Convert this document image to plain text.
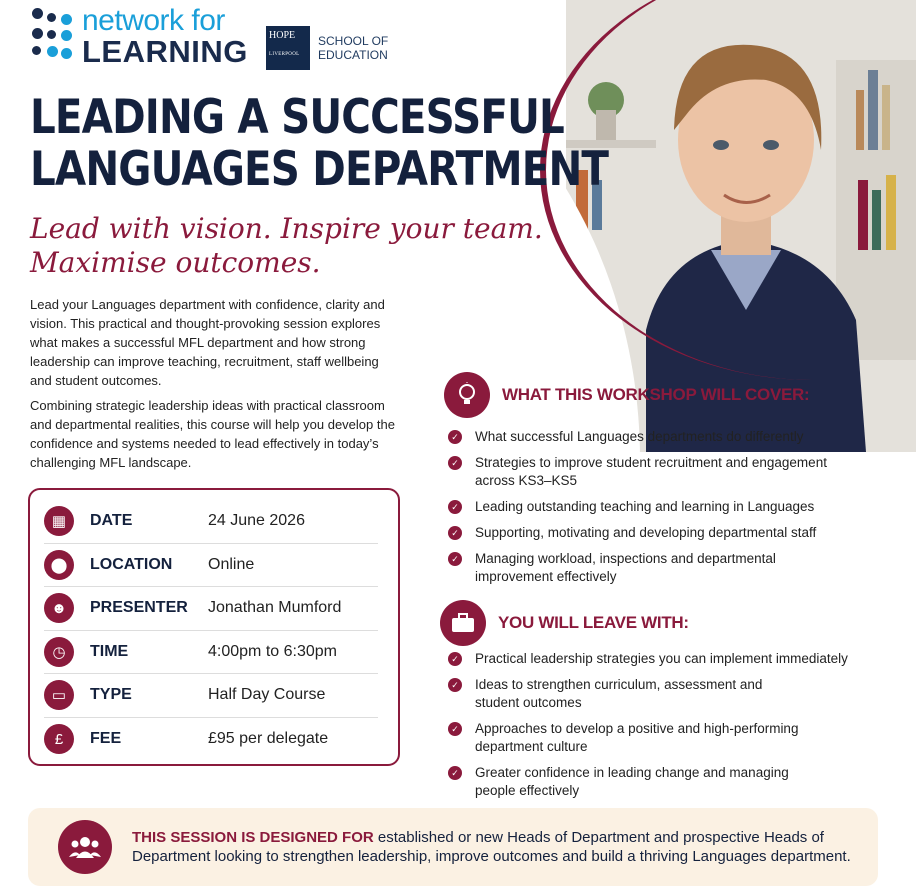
network for
LEARNING HOPE
LIVERPOOL
SCHOOL OF
EDUCATION
LEADING A SUCCESSFUL
LANGUAGES DEPARTMENT
Lead with vision. Inspire your team.
Maximise outcomes.

Lead your Languages department with confidence, clarity and vision. This practical and thought-provoking session explores what makes a successful MFL department and how strong leadership can improve teaching, recruitment, staff wellbeing and student outcomes.

Combining strategic leadership ideas with practical classroom and departmental realities, this course will help you develop the confidence and systems needed to lead effectively in today’s challenging MFL landscape.

▦	DATE	24 June 2026
⬤	LOCATION	Online
☻	PRESENTER	Jonathan Mumford
◷	TIME	4:00pm to 6:30pm
▭	TYPE	Half Day Course
£	FEE	£95 per delegate
WHAT THIS WORKSHOP WILL COVER:
✓ What successful Languages departments do differently
✓ Strategies to improve student recruitment and engagement across KS3–KS5
✓ Leading outstanding teaching and learning in Languages
✓ Supporting, motivating and developing departmental staff
✓ Managing workload, inspections and departmental improvement effectively
YOU WILL LEAVE WITH:
✓ Practical leadership strategies you can implement immediately
✓ Ideas to strengthen curriculum, assessment and student outcomes
✓ Approaches to develop a positive and high-performing department culture
✓ Greater confidence in leading change and managing people effectively
THIS SESSION IS DESIGNED FOR established or new Heads of Department and prospective Heads of Department looking to strengthen leadership, improve outcomes and build a thriving Languages department.
